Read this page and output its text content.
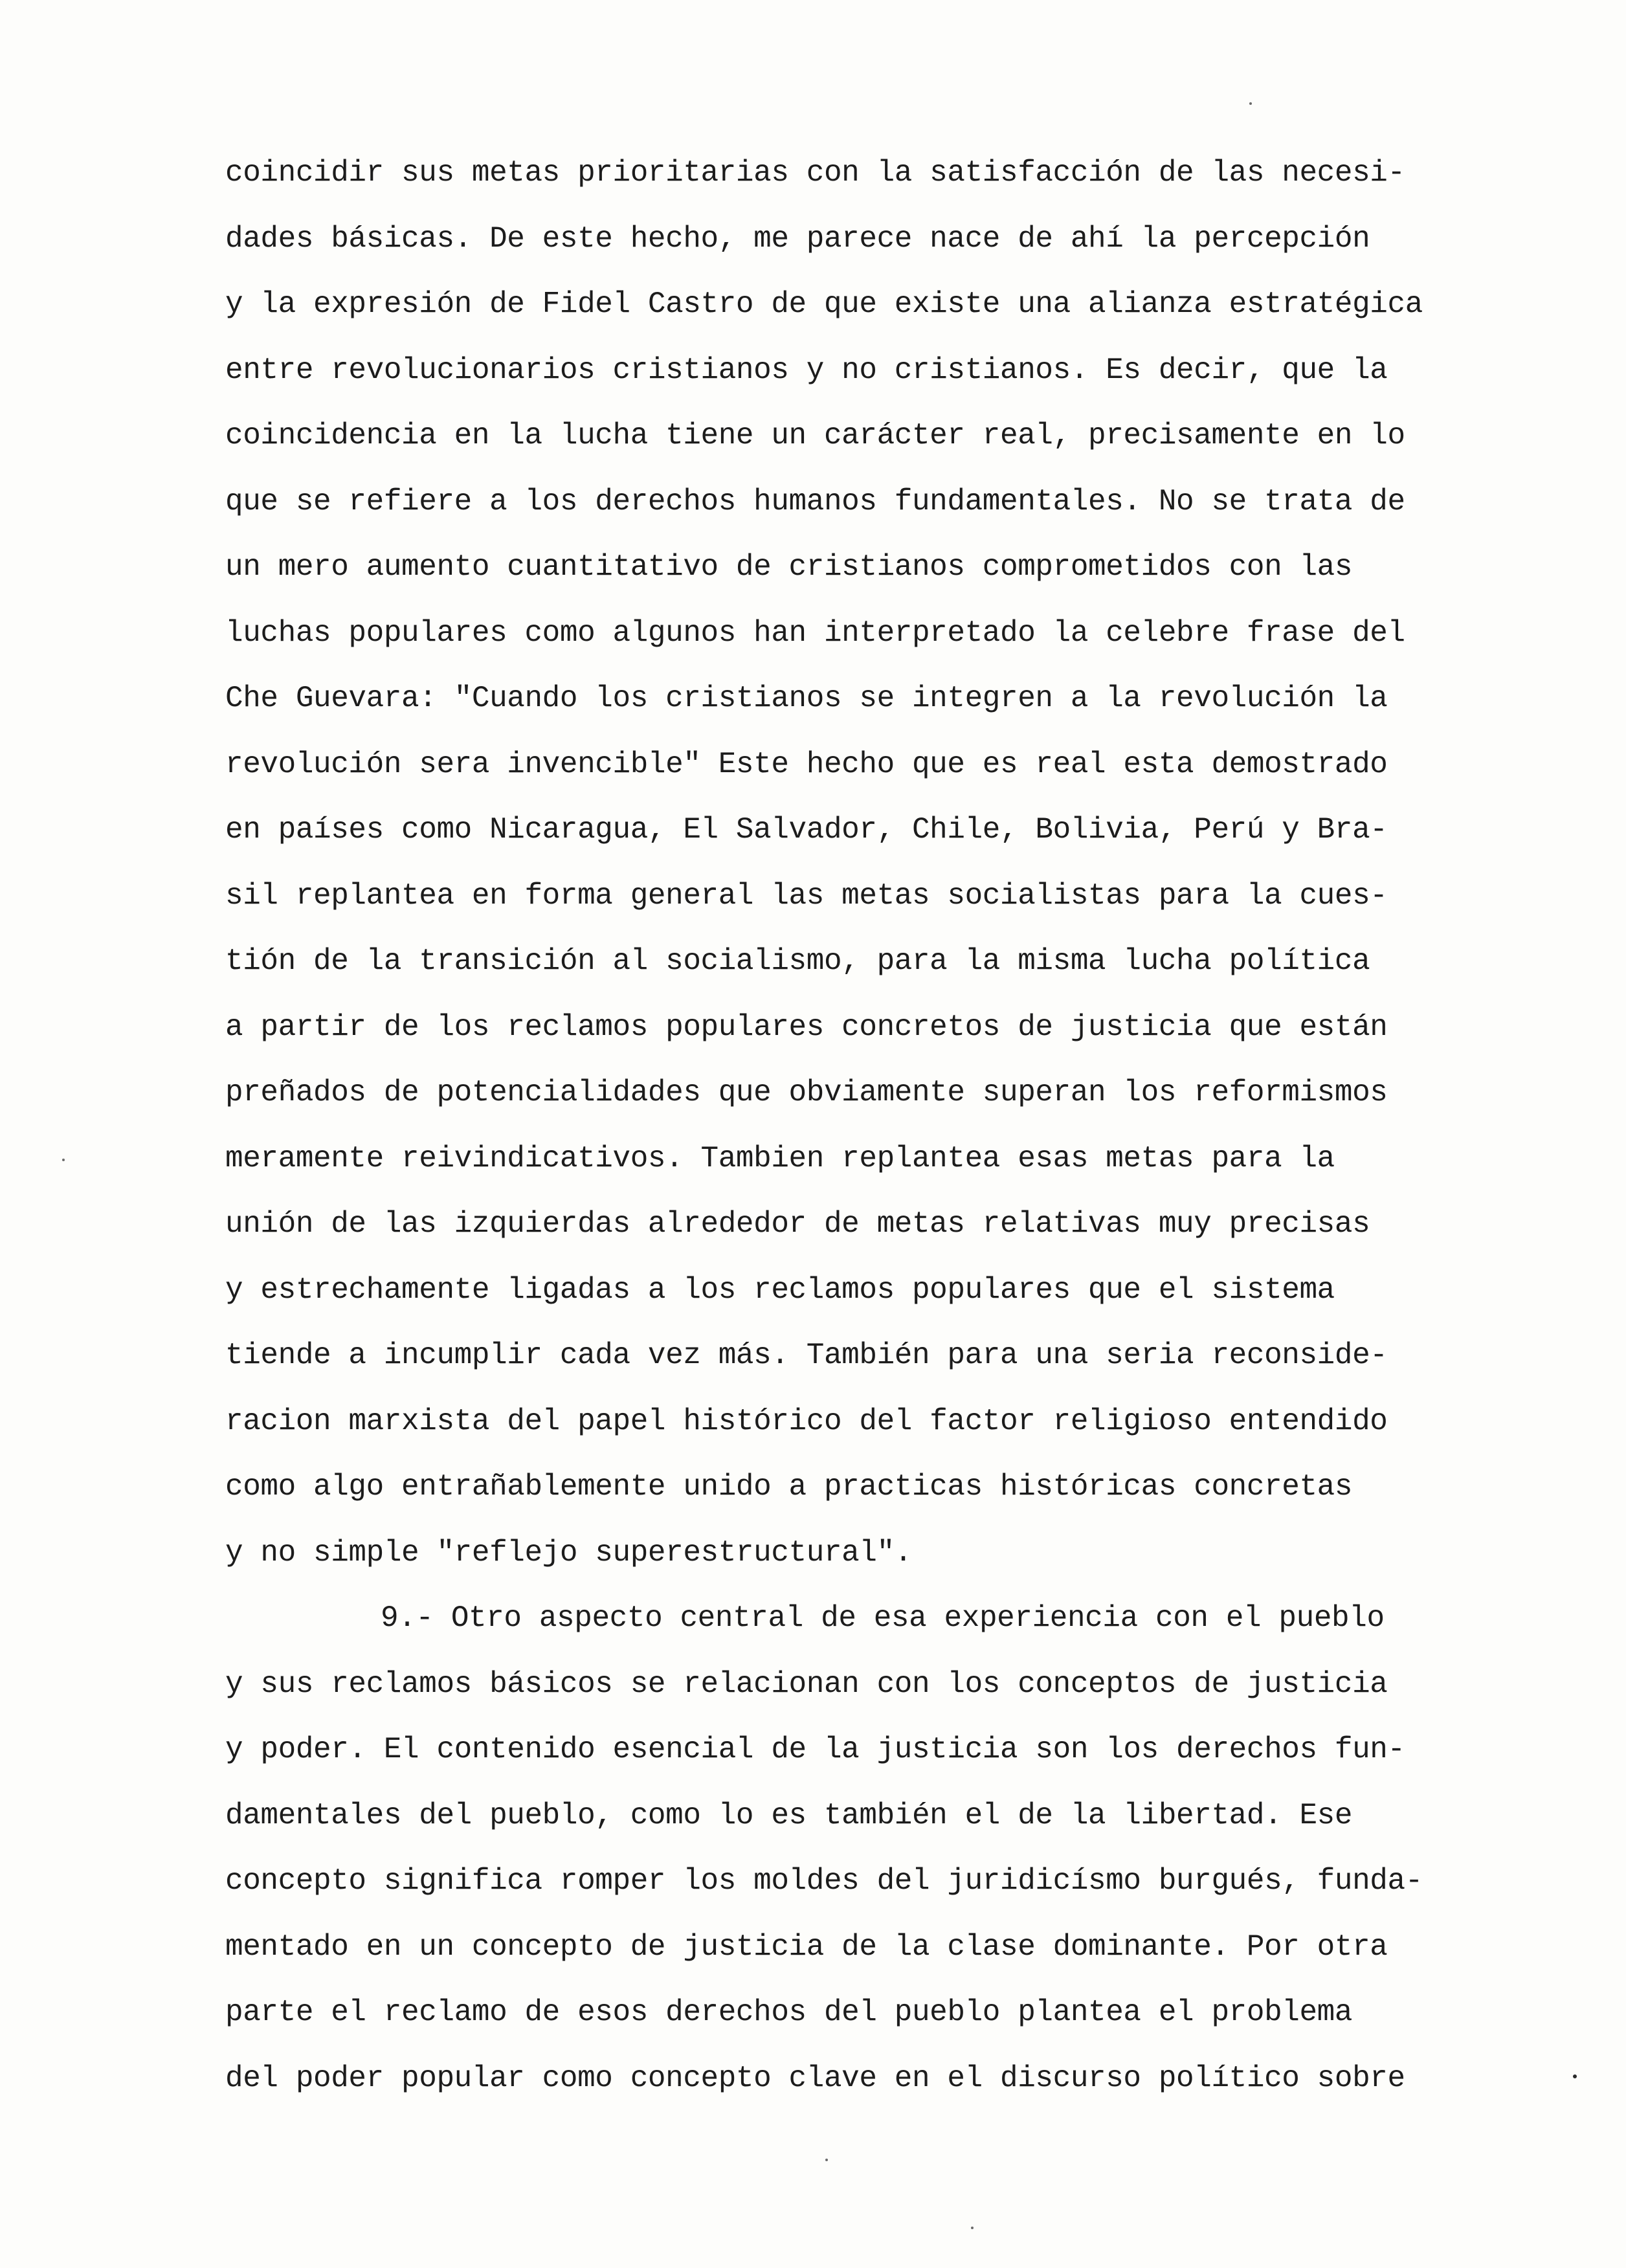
coincidir sus metas prioritarias con la satisfacción de las necesi-
dades básicas. De este hecho, me parece nace de ahí la percepción
y la expresión de Fidel Castro de que existe una alianza estratégica
entre revolucionarios cristianos y no cristianos. Es decir, que la
coincidencia en la lucha tiene un carácter real, precisamente en lo
que se refiere a los derechos humanos fundamentales. No se trata de
un mero aumento cuantitativo de cristianos comprometidos con las
luchas populares como algunos han interpretado la celebre frase del
Che Guevara: "Cuando los cristianos se integren a la revolución la
revolución sera invencible" Este hecho que es real esta demostrado
en países como Nicaragua, El Salvador, Chile, Bolivia, Perú y Bra-
sil replantea en forma general las metas socialistas para la cues-
tión de la transición al socialismo, para la misma lucha política
a partir de los reclamos populares concretos de justicia que están
preñados de potencialidades que obviamente superan los reformismos
meramente reivindicativos. Tambien replantea esas metas para la
unión de las izquierdas alrededor de metas relativas muy precisas
y estrechamente ligadas a los reclamos populares que el sistema
tiende a incumplir cada vez más. También para una seria reconside-
racion marxista del papel histórico del factor religioso entendido
como algo entrañablemente unido a practicas históricas concretas
y no simple "reflejo superestructural".
9.- Otro aspecto central de esa experiencia con el pueblo
y sus reclamos básicos se relacionan con los conceptos de justicia
y poder. El contenido esencial de la justicia son los derechos fun-
damentales del pueblo, como lo es también el de la libertad. Ese
concepto significa romper los moldes del juridicísmo burgués, funda-
mentado en un concepto de justicia de la clase dominante. Por otra
parte el reclamo de esos derechos del pueblo plantea el problema
del poder popular como concepto clave en el discurso político sobre
